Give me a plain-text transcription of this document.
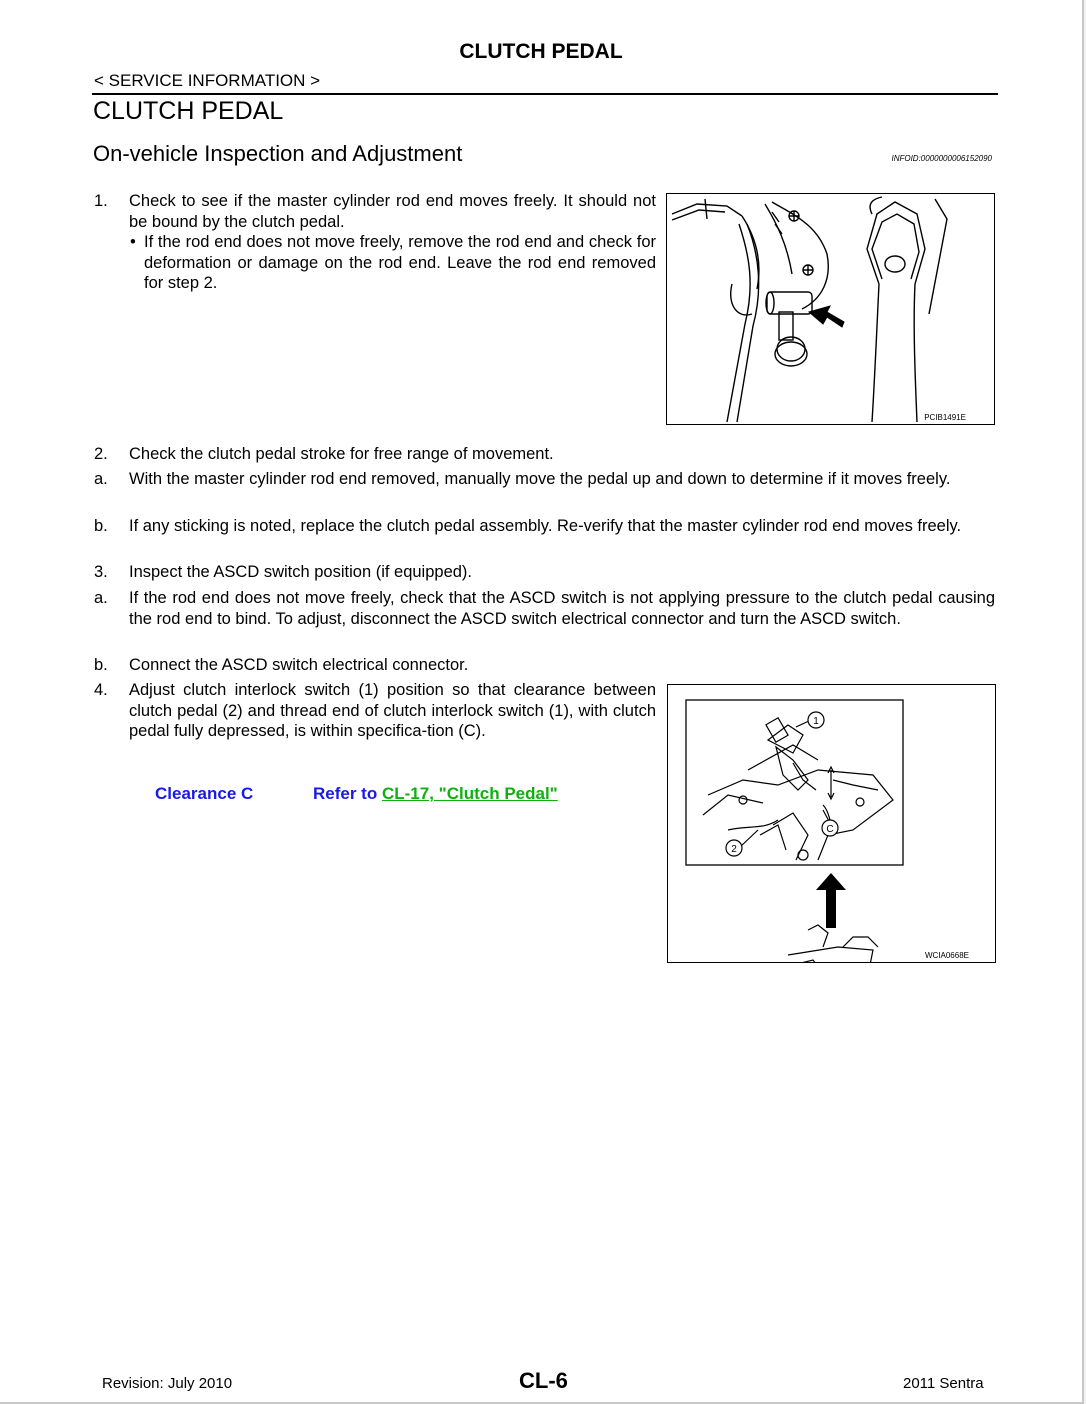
CLUTCH PEDAL
< SERVICE INFORMATION >
CLUTCH PEDAL
On-vehicle Inspection and Adjustment	INFOID:0000000006152090
1. Check to see if the master cylinder rod end moves freely. It should not be bound by the clutch pedal.
• If the rod end does not move freely, remove the rod end and check for deformation or damage on the rod end. Leave the rod end removed for step 2.
PCIB1491E
2. Check the clutch pedal stroke for free range of movement.
a. With the master cylinder rod end removed, manually move the pedal up and down to determine if it moves freely.
b. If any sticking is noted, replace the clutch pedal assembly. Re-verify that the master cylinder rod end moves freely.
3. Inspect the ASCD switch position (if equipped).
a. If the rod end does not move freely, check that the ASCD switch is not applying pressure to the clutch pedal causing the rod end to bind. To adjust, disconnect the ASCD switch electrical connector and turn the ASCD switch.
b. Connect the ASCD switch electrical connector.
4. Adjust clutch interlock switch (1) position so that clearance between clutch pedal (2) and thread end of clutch interlock switch (1), with clutch pedal fully depressed, is within specifica-tion (C).
Clearance C	Refer to CL-17, "Clutch Pedal"
1
2
C
WCIA0668E
Revision: July 2010	CL-6	2011 Sentra
